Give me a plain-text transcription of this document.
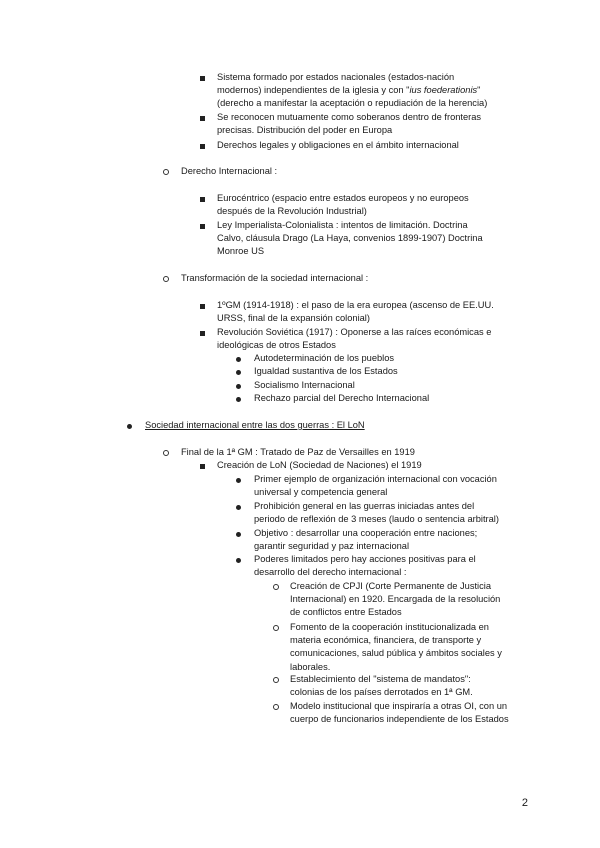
Sistema formado por estados nacionales (estados-nación
modernos) independientes de la iglesia y con "ius foederationis"
(derecho a manifestar la aceptación o repudiación de la herencia)
Se reconocen mutuamente como soberanos dentro de fronteras
precisas. Distribución del poder en Europa
Derechos legales y obligaciones en el ámbito internacional
Derecho Internacional :
Eurocéntrico (espacio entre estados europeos y no europeos
después de la Revolución Industrial)
Ley Imperialista-Colonialista : intentos de limitación. Doctrina
Calvo, cláusula Drago (La Haya, convenios 1899-1907) Doctrina
Monroe US
Transformación de la sociedad internacional :
1ºGM (1914-1918) : el paso de la era europea (ascenso de EE.UU.
URSS, final de la expansión colonial)
Revolución Soviética (1917) : Oponerse a las raíces económicas e
ideológicas de otros Estados
Autodeterminación de los pueblos
Igualdad sustantiva de los Estados
Socialismo Internacional
Rechazo parcial del Derecho Internacional
Sociedad internacional entre las dos guerras : El LoN
Final de la 1ª GM : Tratado de Paz de Versailles en 1919
Creación de LoN (Sociedad de Naciones) el 1919
Primer ejemplo de organización internacional con vocación
universal y competencia general
Prohibición general en las guerras iniciadas antes del
periodo de reflexión de 3 meses (laudo o sentencia arbitral)
Objetivo : desarrollar una cooperación entre naciones;
garantir seguridad y paz internacional
Poderes limitados pero hay acciones positivas para el
desarrollo del derecho internacional :
Creación de CPJI (Corte Permanente de Justicia
Internacional) en 1920. Encargada de la resolución
de conflictos entre Estados
Fomento de la cooperación institucionalizada en
materia económica, financiera, de transporte y
comunicaciones, salud pública y ámbitos sociales y
laborales.
Establecimiento del "sistema de mandatos":
colonias de los países derrotados en 1ª GM.
Modelo institucional que inspiraría a otras OI, con un
cuerpo de funcionarios independiente de los Estados
2
